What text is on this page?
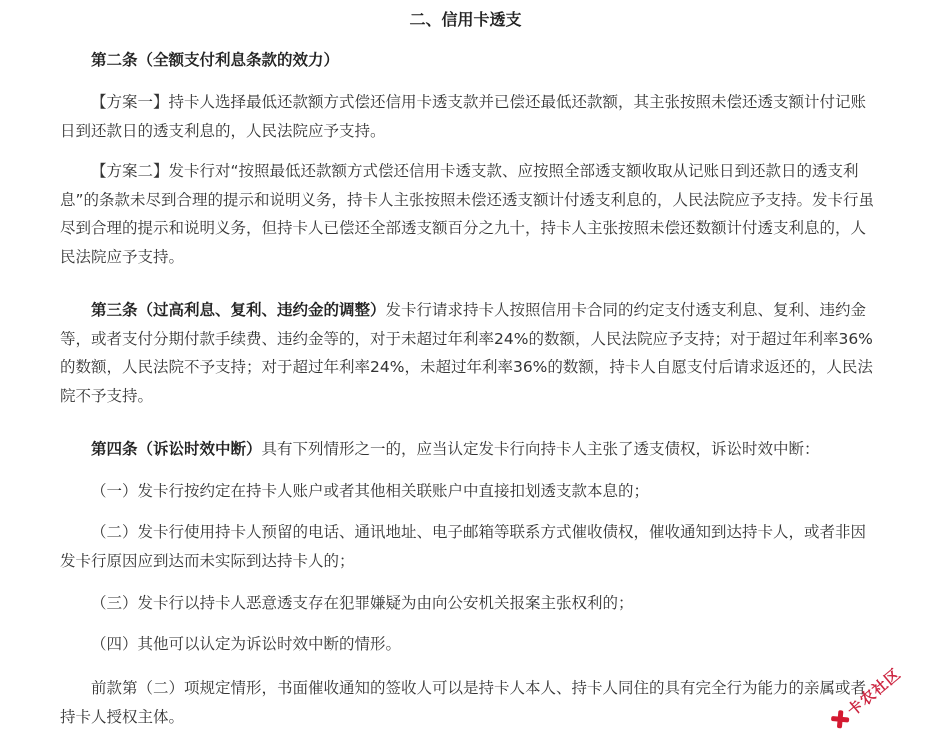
二、信用卡透支

第二条（全额支付利息条款的效力）

【方案一】持卡人选择最低还款额方式偿还信用卡透支款并已偿还最低还款额，其主张按照未偿还透支额计付记账日到还款日的透支利息的，人民法院应予支持。

【方案二】发卡行对“按照最低还款额方式偿还信用卡透支款、应按照全部透支额收取从记账日到还款日的透支利息”的条款未尽到合理的提示和说明义务，持卡人主张按照未偿还透支额计付透支利息的，人民法院应予支持。发卡行虽尽到合理的提示和说明义务，但持卡人已偿还全部透支额百分之九十，持卡人主张按照未偿还数额计付透支利息的，人民法院应予支持。

第三条（过高利息、复利、违约金的调整）发卡行请求持卡人按照信用卡合同的约定支付透支利息、复利、违约金等，或者支付分期付款手续费、违约金等的，对于未超过年利率24%的数额，人民法院应予支持；对于超过年利率36%的数额，人民法院不予支持；对于超过年利率24%，未超过年利率36%的数额，持卡人自愿支付后请求返还的，人民法院不予支持。

第四条（诉讼时效中断）具有下列情形之一的，应当认定发卡行向持卡人主张了透支债权，诉讼时效中断：

（一）发卡行按约定在持卡人账户或者其他相关联账户中直接扣划透支款本息的；

（二）发卡行使用持卡人预留的电话、通讯地址、电子邮箱等联系方式催收债权，催收通知到达持卡人，或者非因发卡行原因应到达而未实际到达持卡人的；

（三）发卡行以持卡人恶意透支存在犯罪嫌疑为由向公安机关报案主张权利的；

（四）其他可以认定为诉讼时效中断的情形。

前款第（二）项规定情形，书面催收通知的签收人可以是持卡人本人、持卡人同住的具有完全行为能力的亲属或者持卡人授权主体。	卡农社区
